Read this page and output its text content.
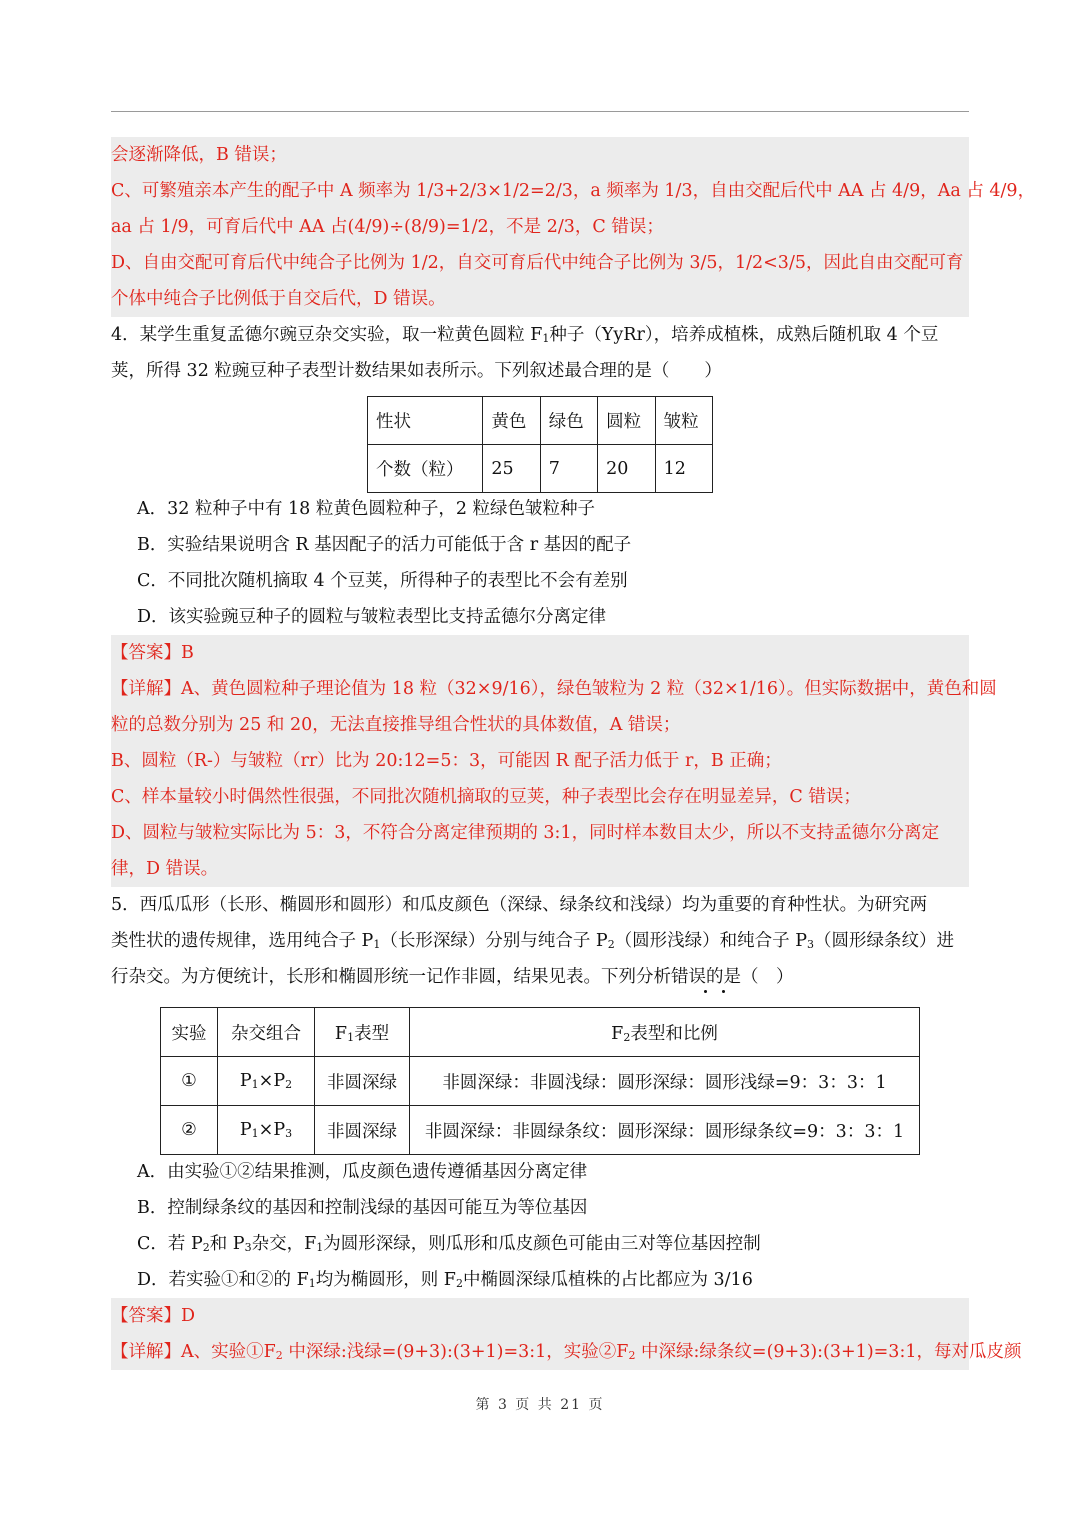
会逐渐降低，B 错误；
C、可繁殖亲本产生的配子中 A 频率为 1/3+2/3×1/2=2/3，a 频率为 1/3，自由交配后代中 AA 占 4/9，Aa 占 4/9，
aa 占 1/9，可育后代中 AA 占(4/9)÷(8/9)=1/2，不是 2/3，C 错误；
D、自由交配可育后代中纯合子比例为 1/2，自交可育后代中纯合子比例为 3/5，1/2<3/5，因此自由交配可育
个体中纯合子比例低于自交后代，D 错误。
4．某学生重复孟德尔豌豆杂交实验，取一粒黄色圆粒 $F_1$种子（YyRr），培养成植株，成熟后随机取 4 个豆
荚，所得 32 粒豌豆种子表型计数结果如表所示。下列叙述最合理的是（　　）
性状	黄色	绿色	圆粒	皱粒
个数（粒）	25	7	20	12
A．32 粒种子中有 18 粒黄色圆粒种子，2 粒绿色皱粒种子
B．实验结果说明含 R 基因配子的活力可能低于含 r 基因的配子
C．不同批次随机摘取 4 个豆荚，所得种子的表型比不会有差别
D．该实验豌豆种子的圆粒与皱粒表型比支持孟德尔分离定律
【答案】B
【详解】A、黄色圆粒种子理论值为 18 粒（32×9/16），绿色皱粒为 2 粒（32×1/16）。但实际数据中，黄色和圆
粒的总数分别为 25 和 20，无法直接推导组合性状的具体数值，A 错误；
B、圆粒（R-）与皱粒（rr）比为 20:12=5：3，可能因 R 配子活力低于 r，B 正确；
C、样本量较小时偶然性很强，不同批次随机摘取的豆荚，种子表型比会存在明显差异，C 错误；
D、圆粒与皱粒实际比为 5：3，不符合分离定律预期的 3:1，同时样本数目太少，所以不支持孟德尔分离定
律，D 错误。
5．西瓜瓜形（长形、椭圆形和圆形）和瓜皮颜色（深绿、绿条纹和浅绿）均为重要的育种性状。为研究两
类性状的遗传规律，选用纯合子 $P_1$（长形深绿）分别与纯合子 $P_2$（圆形浅绿）和纯合子 $P_3$（圆形绿条纹）进
行杂交。为方便统计，长形和椭圆形统一记作非圆，结果见表。下列分析错误的是（　）
实验	杂交组合	$F_1$表型	$F_2$表型和比例
①	$P_1\times P_2$	非圆深绿	非圆深绿：非圆浅绿：圆形深绿：圆形浅绿=9：3：3：1
②	$P_1\times P_3$	非圆深绿	非圆深绿：非圆绿条纹：圆形深绿：圆形绿条纹=9：3：3：1
A．由实验①②结果推测，瓜皮颜色遗传遵循基因分离定律
B．控制绿条纹的基因和控制浅绿的基因可能互为等位基因
C．若 $P_2$和 $P_3$杂交，$F_1$为圆形深绿，则瓜形和瓜皮颜色可能由三对等位基因控制
D．若实验①和②的 $F_1$均为椭圆形，则 $F_2$中椭圆深绿瓜植株的占比都应为 3/16
【答案】D
【详解】A、实验$①F_2$ 中深绿:浅绿=(9+3):(3+1)=3:1，实验$②F_2$ 中深绿:绿条纹=(9+3):(3+1)=3:1，每对瓜皮颜
第 3 页 共 21 页
